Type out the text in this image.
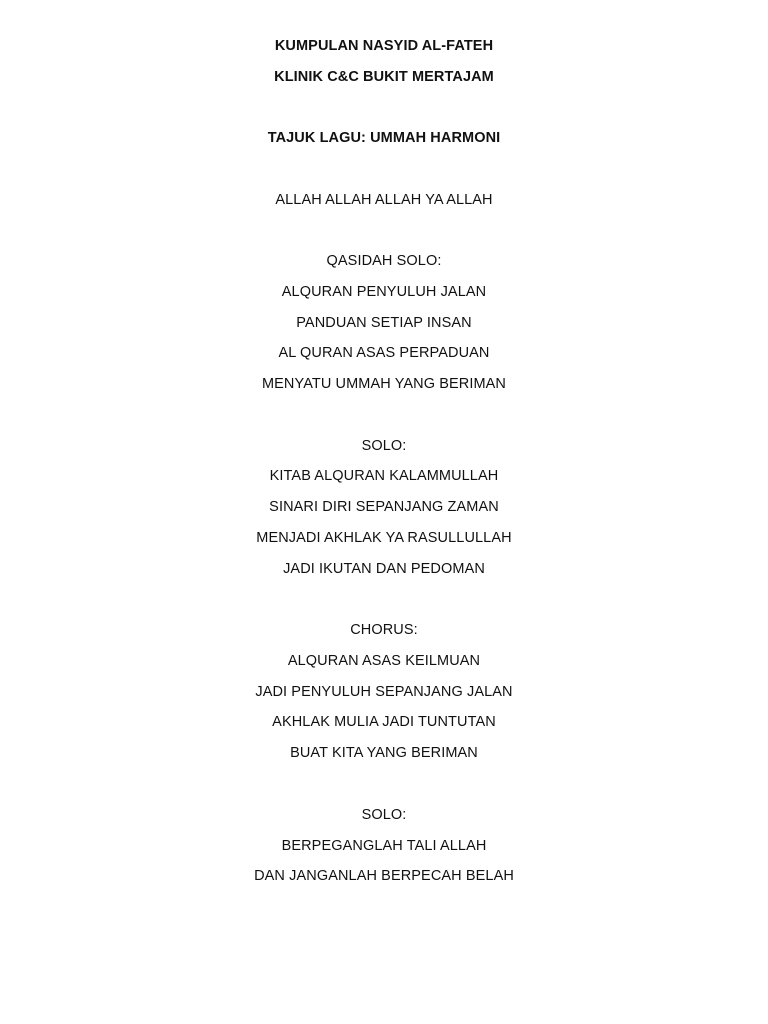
KUMPULAN NASYID AL-FATEH
KLINIK C&C BUKIT MERTAJAM
TAJUK LAGU: UMMAH HARMONI
ALLAH ALLAH ALLAH YA ALLAH
QASIDAH SOLO:
ALQURAN PENYULUH JALAN
PANDUAN SETIAP INSAN
AL QURAN ASAS PERPADUAN
MENYATU UMMAH YANG BERIMAN
SOLO:
KITAB ALQURAN KALAMMULLAH
SINARI DIRI SEPANJANG ZAMAN
MENJADI AKHLAK YA RASULLULLAH
JADI IKUTAN DAN PEDOMAN
CHORUS:
ALQURAN ASAS KEILMUAN
JADI PENYULUH SEPANJANG JALAN
AKHLAK MULIA JADI TUNTUTAN
BUAT KITA YANG BERIMAN
SOLO:
BERPEGANGLAH TALI ALLAH
DAN JANGANLAH BERPECAH BELAH
